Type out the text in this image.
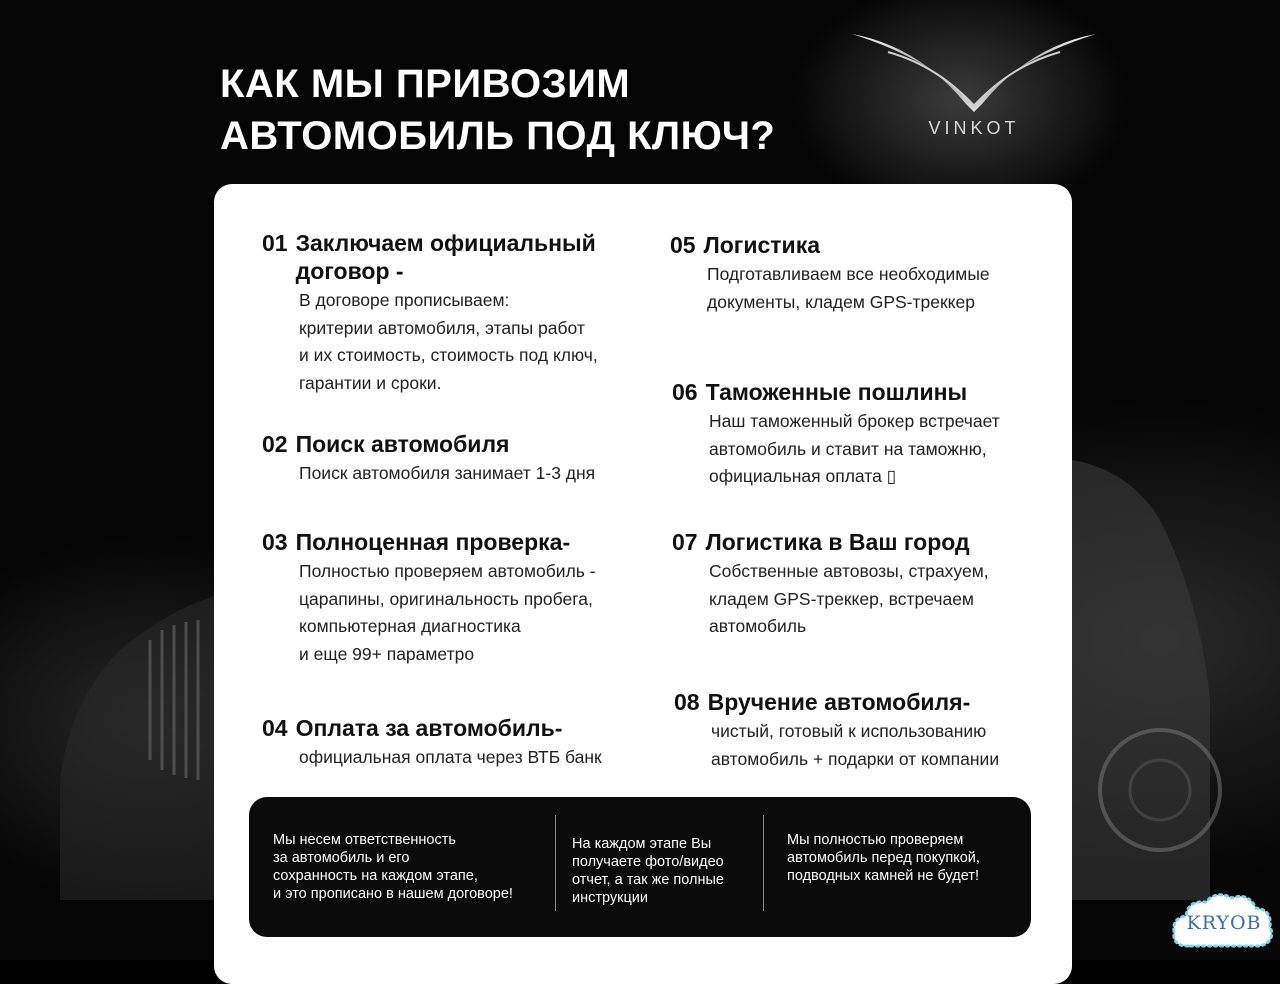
КАК МЫ ПРИВОЗИМ
АВТОМОБИЛЬ ПОД КЛЮЧ?	VINKOT
01 Заключаем официальный договор -
В договоре прописываем:
критерии автомобиля, этапы работ
и их стоимость, стоимость под ключ,
гарантии и сроки.
02 Поиск автомобиля
Поиск автомобиля занимает 1-3 дня
03 Полноценная проверка-
Полностью проверяем автомобиль -
царапины, оригинальность пробега,
компьютерная диагностика
и еще 99+ параметро
04 Оплата за автомобиль-
официальная оплата через ВТБ банк
05 Логистика
Подготавливаем все необходимые
документы, кладем GPS-треккер
06 Таможенные пошлины
Наш таможенный брокер встречает
автомобиль и ставит на таможню,
официальная оплата ▯
07 Логистика в Ваш город
Собственные автовозы, страхуем,
кладем GPS-треккер, встречаем
автомобиль
08 Вручение автомобиля-
чистый, готовый к использованию
автомобиль + подарки от компании
Мы несем ответственность
за автомобиль и его
сохранность на каждом этапе,
и это прописано в нашем договоре!
На каждом этапе Вы
получаете фото/видео
отчет, а так же полные
инструкции
Мы полностью проверяем
автомобиль перед покупкой,
подводных камней не будет!
KRYOB
